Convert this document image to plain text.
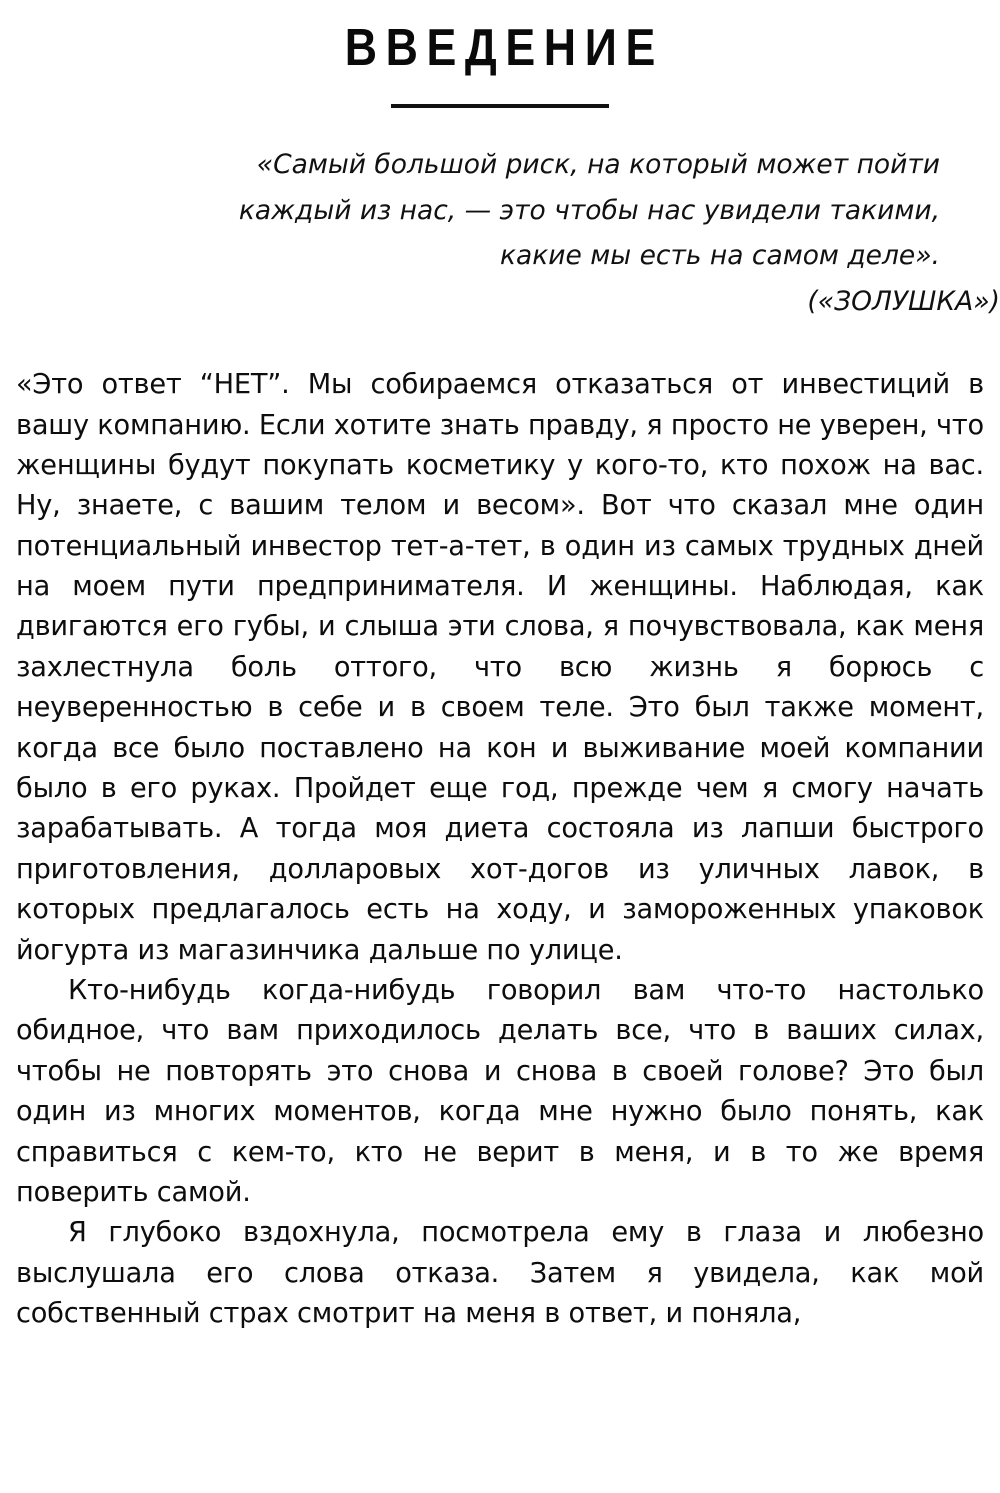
ВВЕДЕНИЕ
«Самый большой риск, на который может пойти каждый из нас, — это чтобы нас увидели такими, какие мы есть на самом деле».
(«ЗОЛУШКА»)

«Это ответ “НЕТ”. Мы собираемся отказаться от инвестиций в вашу компанию. Если хотите знать правду, я просто не уверен, что женщины будут покупать косметику у кого-то, кто похож на вас. Ну, знаете, с вашим телом и весом». Вот что сказал мне один потенциальный инвестор тет-а-тет, в один из самых трудных дней на моем пути предпринимателя. И женщины. Наблюдая, как двигаются его губы, и слыша эти слова, я почувствовала, как меня захлестнула боль оттого, что всю жизнь я борюсь с неуверенностью в себе и в своем теле. Это был также момент, когда все было поставлено на кон и выживание моей компании было в его руках. Пройдет еще год, прежде чем я смогу начать зарабатывать. А тогда моя диета состояла из лапши быстрого приготовления, долларовых хот-догов из уличных лавок, в которых предлагалось есть на ходу, и замороженных упаковок йогурта из магазинчика дальше по улице.

Кто-нибудь когда-нибудь говорил вам что-то настолько обидное, что вам приходилось делать все, что в ваших силах, чтобы не повторять это снова и снова в своей голове? Это был один из многих моментов, когда мне нужно было понять, как справиться с кем-то, кто не верит в меня, и в то же время поверить самой.

Я глубоко вздохнула, посмотрела ему в глаза и любезно выслушала его слова отказа. Затем я увидела, как мой собственный страх смотрит на меня в ответ, и поняла,
